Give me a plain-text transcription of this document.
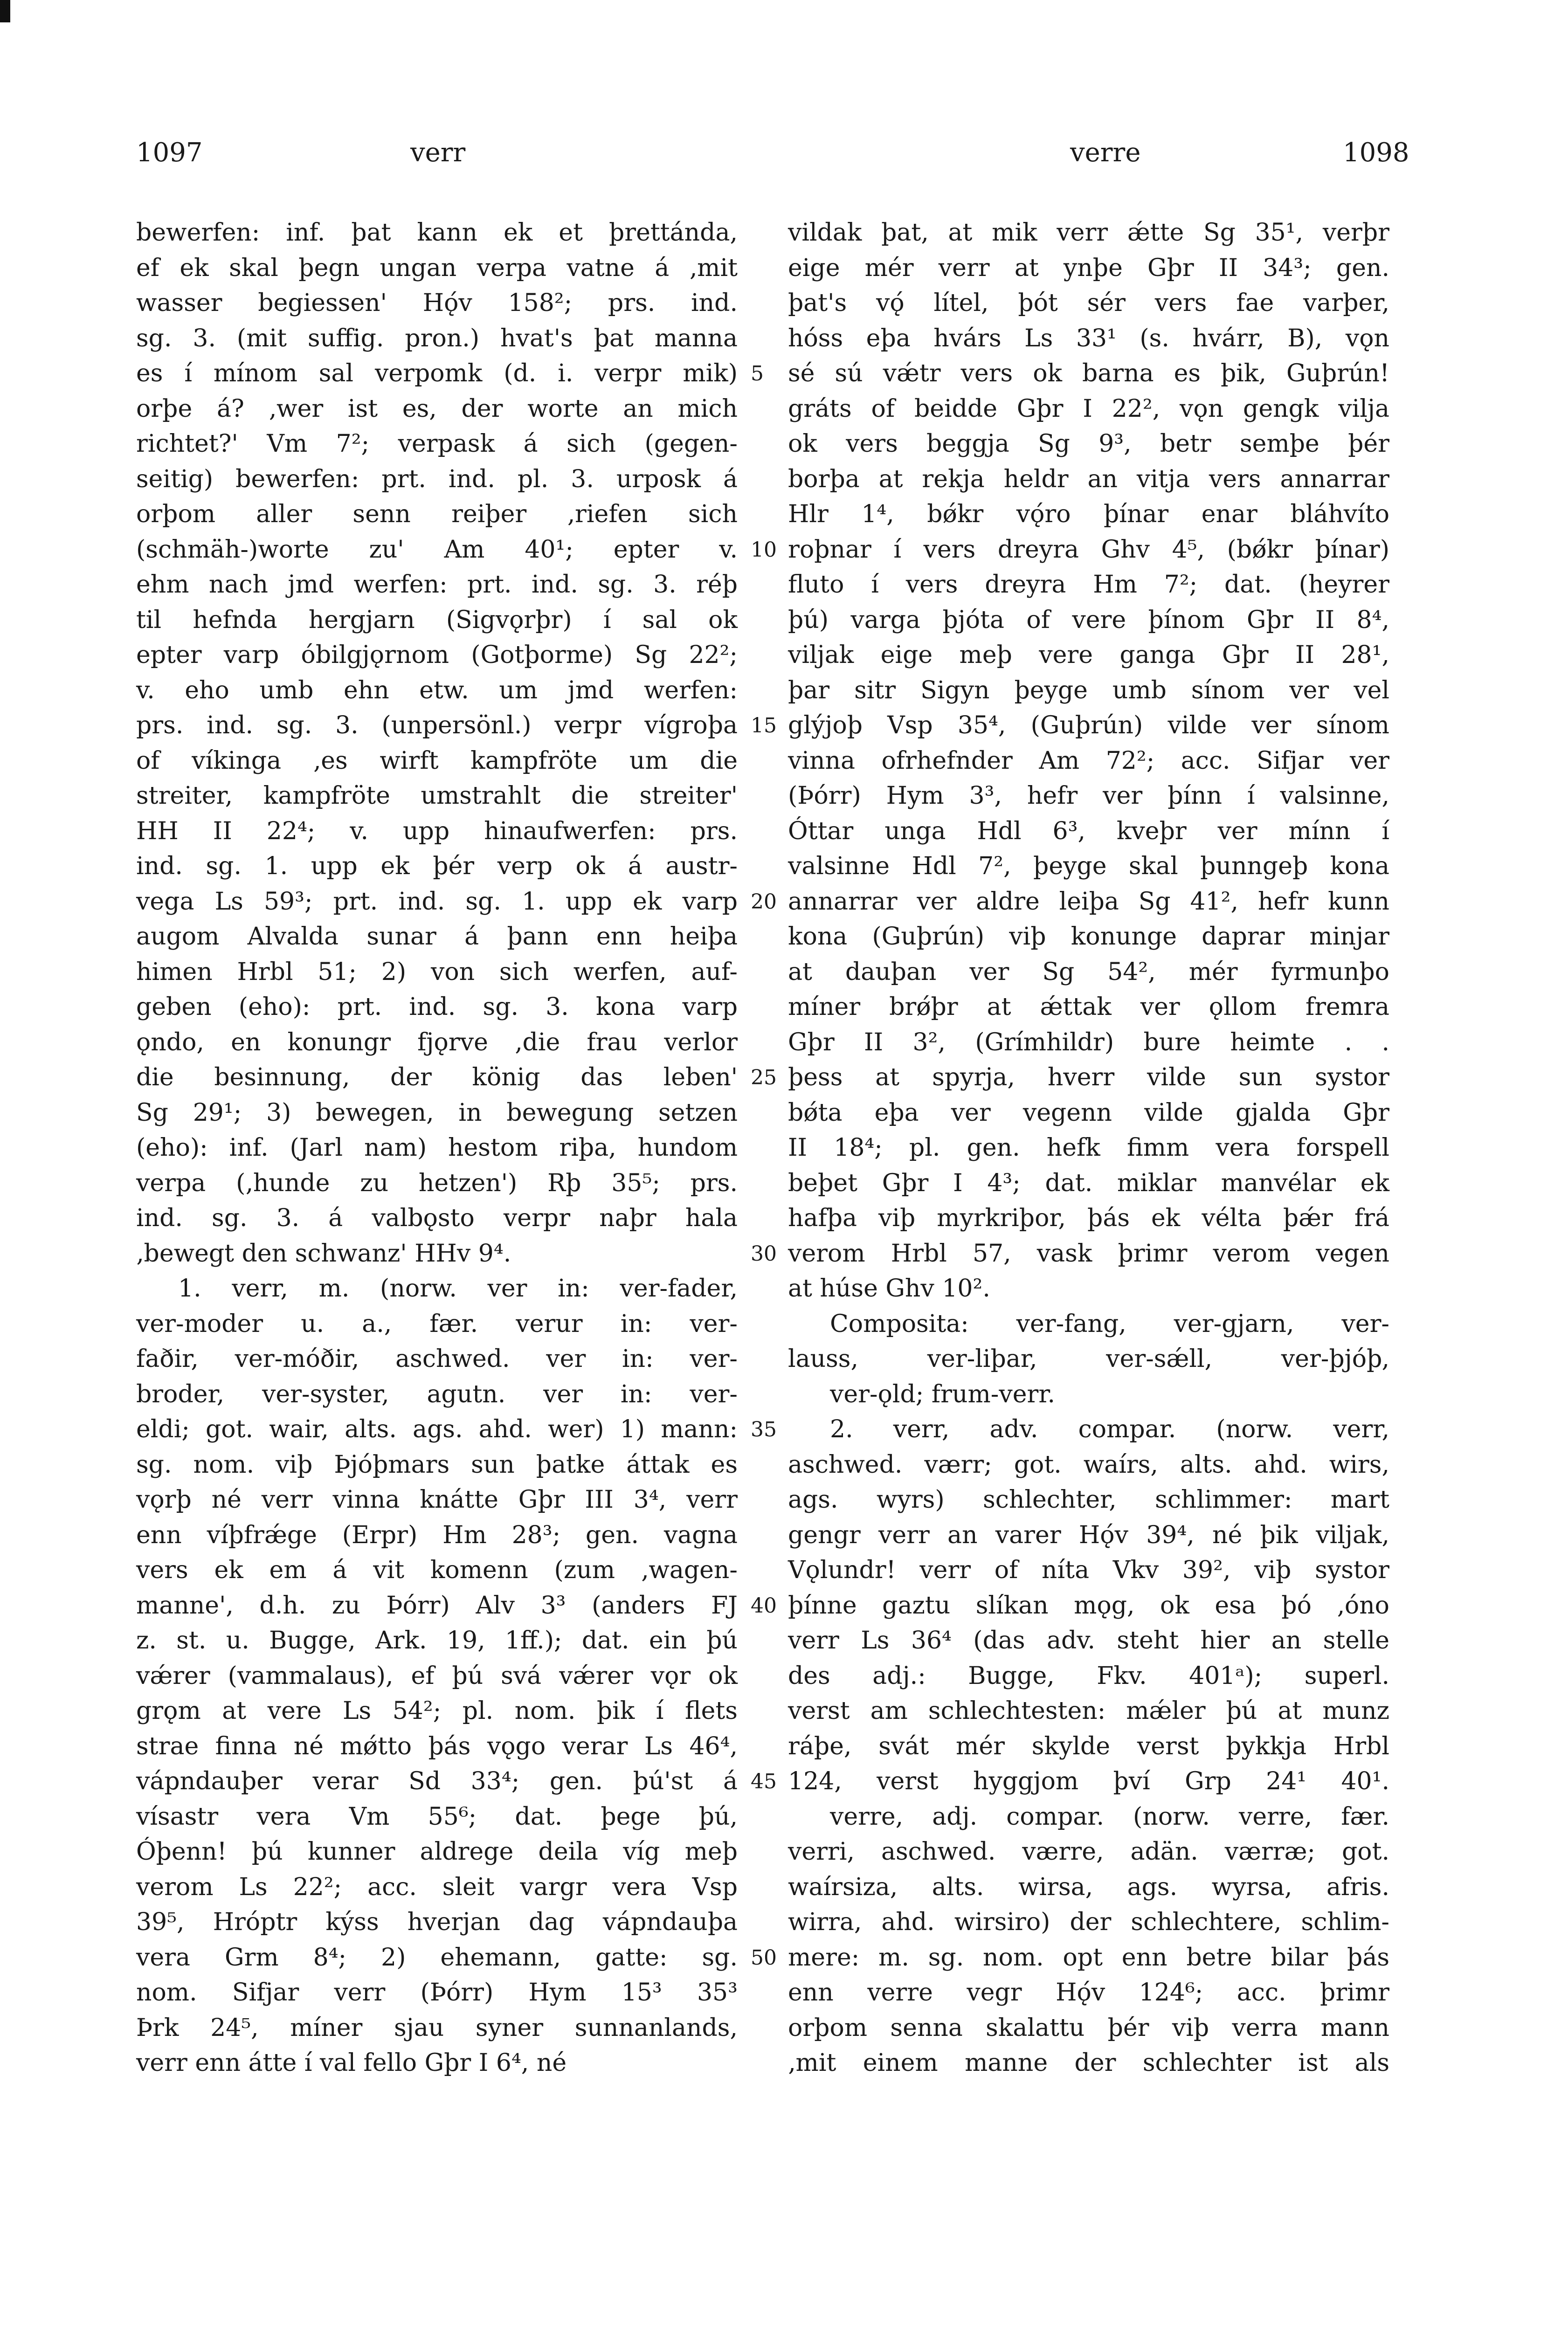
1097	verr	verre	1098
bewerfen: inf. þat kann ek et þrettánda,
ef ek skal þegn ungan verpa vatne á ‚mit
wasser begiessen' Hǫ́v 158²; prs. ind.
sg. 3. (mit suffig. pron.) hvat's þat manna
es í mínom sal verpomk (d. i. verpr mik)
orþe á? ‚wer ist es, der worte an mich
richtet?' Vm 7²; verpask á sich (gegen-
seitig) bewerfen: prt. ind. pl. 3. urposk á
orþom aller senn reiþer ‚riefen sich
(schmäh-)worte zu' Am 40¹; epter v.
ehm nach jmd werfen: prt. ind. sg. 3. réþ
til hefnda hergjarn (Sigvǫrþr) í sal ok
epter varp óbilgjǫrnom (Gotþorme) Sg 22²;
v. eho umb ehn etw. um jmd werfen:
prs. ind. sg. 3. (unpersönl.) verpr vígroþa
of víkinga ‚es wirft kampfröte um die
streiter, kampfröte umstrahlt die streiter'
HH II 22⁴; v. upp hinaufwerfen: prs.
ind. sg. 1. upp ek þér verp ok á austr-
vega Ls 59³; prt. ind. sg. 1. upp ek varp
augom Alvalda sunar á þann enn heiþa
himen Hrbl 51; 2) von sich werfen, auf-
geben (eho): prt. ind. sg. 3. kona varp
ǫndo, en konungr fjǫrve ‚die frau verlor
die besinnung, der könig das leben'
Sg 29¹; 3) bewegen, in bewegung setzen
(eho): inf. (Jarl nam) hestom riþa, hundom
verpa (‚hunde zu hetzen') Rþ 35⁵; prs.
ind. sg. 3. á valbǫsto verpr naþr hala
‚bewegt den schwanz' HHv 9⁴.
1. verr, m. (norw. ver in: ver-fader,
ver-moder u. a., fær. verur in: ver-
faðir, ver-móðir, aschwed. ver in: ver-
broder, ver-syster, agutn. ver in: ver-
eldi; got. wair, alts. ags. ahd. wer) 1) mann:
sg. nom. viþ Þjóþmars sun þatke áttak es
vǫrþ né verr vinna knátte Gþr III 3⁴, verr
enn víþfrǽge (Erpr) Hm 28³; gen. vagna
vers ek em á vit komenn (zum ‚wagen-
manne', d.h. zu Þórr) Alv 3³ (anders FJ
z. st. u. Bugge, Ark. 19, 1ff.); dat. ein þú
vǽrer (vammalaus), ef þú svá vǽrer vǫr ok
grǫm at vere Ls 54²; pl. nom. þik í flets
strae finna né mǿtto þás vǫgo verar Ls 46⁴,
vápndauþer verar Sd 33⁴; gen. þú'st á
vísastr vera Vm 55⁶; dat. þege þú,
Óþenn! þú kunner aldrege deila víg meþ
verom Ls 22²; acc. sleit vargr vera Vsp
39⁵, Hróptr kýss hverjan dag vápndauþa
vera Grm 8⁴; 2) ehemann, gatte: sg.
nom. Sifjar verr (Þórr) Hym 15³ 35³
Þrk 24⁵, míner sjau syner sunnanlands,
verr enn átte í val fello Gþr I 6⁴, né
5
10
15
20
25
30
35
40
45
50
vildak þat, at mik verr ǽtte Sg 35¹, verþr
eige mér verr at ynþe Gþr II 34³; gen.
þat's vǫ́ lítel, þót sér vers fae varþer,
hóss eþa hvárs Ls 33¹ (s. hvárr, B), vǫn
sé sú vǽtr vers ok barna es þik, Guþrún!
gráts of beidde Gþr I 22², vǫn gengk vilja
ok vers beggja Sg 9³, betr semþe þér
borþa at rekja heldr an vitja vers annarrar
Hlr 1⁴, bǿkr vǫ́ro þínar enar bláhvíto
roþnar í vers dreyra Ghv 4⁵, (bǿkr þínar)
fluto í vers dreyra Hm 7²; dat. (heyrer
þú) varga þjóta of vere þínom Gþr II 8⁴,
viljak eige meþ vere ganga Gþr II 28¹,
þar sitr Sigyn þeyge umb sínom ver vel
glýjoþ Vsp 35⁴, (Guþrún) vilde ver sínom
vinna ofrhefnder Am 72²; acc. Sifjar ver
(Þórr) Hym 3³, hefr ver þínn í valsinne,
Óttar unga Hdl 6³, kveþr ver mínn í
valsinne Hdl 7², þeyge skal þunngeþ kona
annarrar ver aldre leiþa Sg 41², hefr kunn
kona (Guþrún) viþ konunge daprar minjar
at dauþan ver Sg 54², mér fyrmunþo
míner brǿþr at ǽttak ver ǫllom fremra
Gþr II 3², (Grímhildr) bure heimte . .
þess at spyrja, hverr vilde sun systor
bǿta eþa ver vegenn vilde gjalda Gþr
II 18⁴; pl. gen. hefk fimm vera forspell
beþet Gþr I 4³; dat. miklar manvélar ek
hafþa viþ myrkriþor, þás ek vélta þǽr frá
verom Hrbl 57, vask þrimr verom vegen
at húse Ghv 10².
Composita: ver-fang, ver-gjarn, ver-
lauss, ver-liþar, ver-sǽll, ver-þjóþ,
ver-ǫld; frum-verr.
2. verr, adv. compar. (norw. verr,
aschwed. værr; got. waírs, alts. ahd. wirs,
ags. wyrs) schlechter, schlimmer: mart
gengr verr an varer Hǫ́v 39⁴, né þik viljak,
Vǫlundr! verr of níta Vkv 39², viþ systor
þínne gaztu slíkan mǫg, ok esa þó ‚óno
verr Ls 36⁴ (das adv. steht hier an stelle
des adj.: Bugge, Fkv. 401ᵃ); superl.
verst am schlechtesten: mǽler þú at munz
ráþe, svát mér skylde verst þykkja Hrbl
124, verst hyggjom því Grp 24¹ 40¹.
verre, adj. compar. (norw. verre, fær.
verri, aschwed. værre, adän. værræ; got.
waírsiza, alts. wirsa, ags. wyrsa, afris.
wirra, ahd. wirsiro) der schlechtere, schlim-
mere: m. sg. nom. opt enn betre bilar þás
enn verre vegr Hǫ́v 124⁶; acc. þrimr
orþom senna skalattu þér viþ verra mann
‚mit einem manne der schlechter ist als
